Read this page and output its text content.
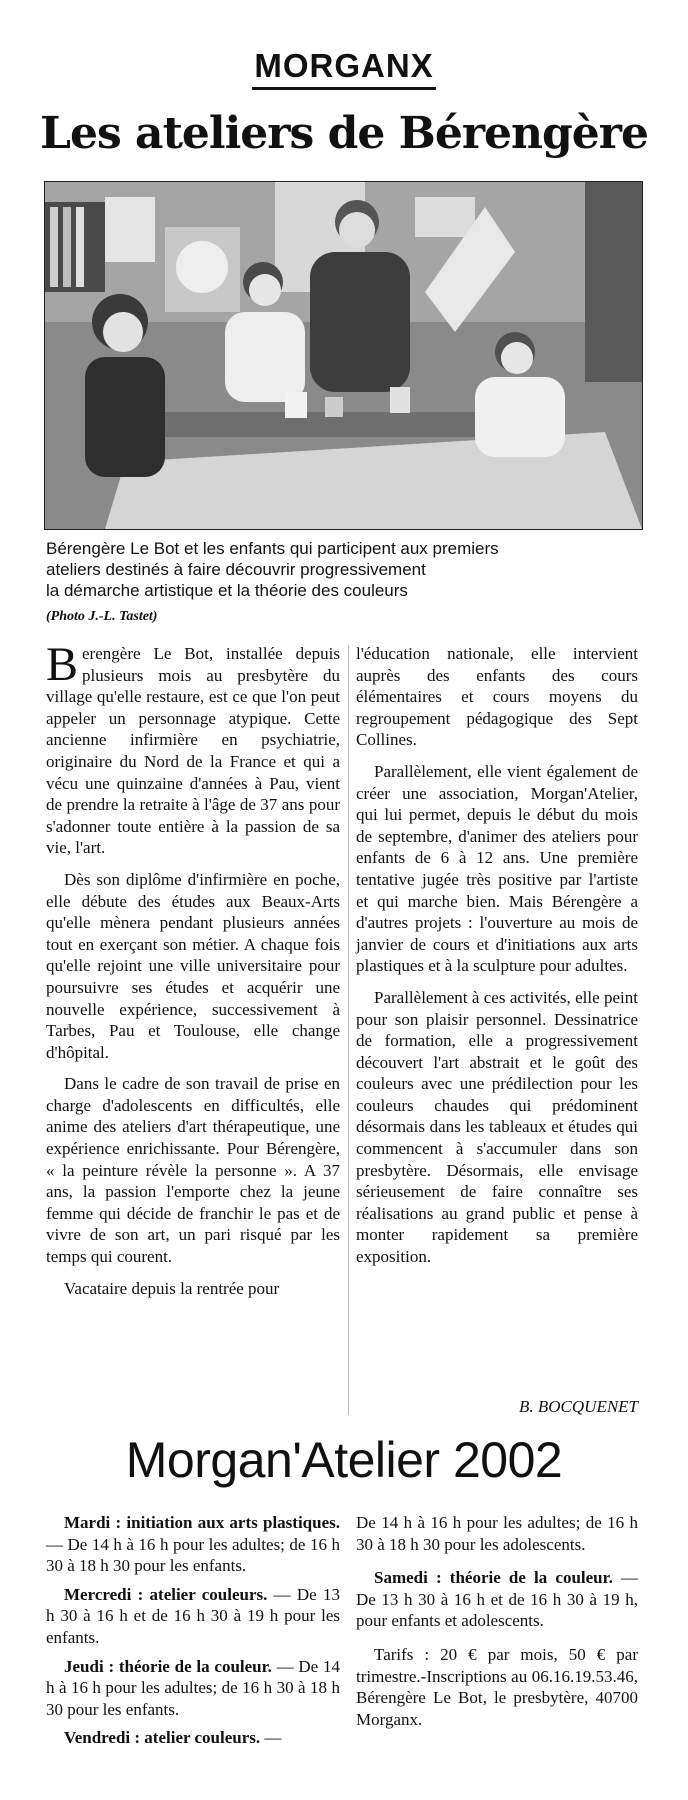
MORGANX
Les ateliers de Bérengère
Bérengère Le Bot et les enfants qui participent aux premiers
ateliers destinés à faire découvrir progressivement
la démarche artistique et la théorie des couleurs
(Photo J.-L. Tastet)

Berengère Le Bot, installée depuis plusieurs mois au presbytère du village qu'elle restaure, est ce que l'on peut appeler un personnage atypique. Cette ancienne infirmière en psychiatrie, originaire du Nord de la France et qui a vécu une quinzaine d'années à Pau, vient de prendre la retraite à l'âge de 37 ans pour s'adonner toute entière à la passion de sa vie, l'art.

Dès son diplôme d'infirmière en poche, elle débute des études aux Beaux-Arts qu'elle mènera pendant plusieurs années tout en exerçant son métier. A chaque fois qu'elle rejoint une ville universitaire pour poursuivre ses études et acquérir une nouvelle expérience, successivement à Tarbes, Pau et Toulouse, elle change d'hôpital.

Dans le cadre de son travail de prise en charge d'adolescents en difficultés, elle anime des ateliers d'art thérapeutique, une expérience enrichissante. Pour Bérengère, « la peinture révèle la personne ». A 37 ans, la passion l'emporte chez la jeune femme qui décide de franchir le pas et de vivre de son art, un pari risqué par les temps qui courent.

Vacataire depuis la rentrée pour

l'éducation nationale, elle intervient auprès des enfants des cours élémentaires et cours moyens du regroupement pédagogique des Sept Collines.

Parallèlement, elle vient également de créer une association, Morgan'Atelier, qui lui permet, depuis le début du mois de septembre, d'animer des ateliers pour enfants de 6 à 12 ans. Une première tentative jugée très positive par l'artiste et qui marche bien. Mais Bérengère a d'autres projets : l'ouverture au mois de janvier de cours et d'initiations aux arts plastiques et à la sculpture pour adultes.

Parallèlement à ces activités, elle peint pour son plaisir personnel. Dessinatrice de formation, elle a progressivement découvert l'art abstrait et le goût des couleurs avec une prédilection pour les couleurs chaudes qui prédominent désormais dans les tableaux et études qui commencent à s'accumuler dans son presbytère. Désormais, elle envisage sérieusement de faire connaître ses réalisations au grand public et pense à monter rapidement sa première exposition.

B. BOCQUENET
Morgan'Atelier 2002

Mardi : initiation aux arts plastiques. — De 14 h à 16 h pour les adultes; de 16 h 30 à 18 h 30 pour les enfants.

Mercredi : atelier couleurs. — De 13 h 30 à 16 h et de 16 h 30 à 19 h pour les enfants.

Jeudi : théorie de la couleur. — De 14 h à 16 h pour les adultes; de 16 h 30 à 18 h 30 pour les enfants.

Vendredi : atelier couleurs. —

De 14 h à 16 h pour les adultes; de 16 h 30 à 18 h 30 pour les adolescents.

Samedi : théorie de la couleur. — De 13 h 30 à 16 h et de 16 h 30 à 19 h, pour enfants et adolescents.

Tarifs : 20 € par mois, 50 € par trimestre.-Inscriptions au 06.16.19.53.46, Bérengère Le Bot, le presbytère, 40700 Morganx.
